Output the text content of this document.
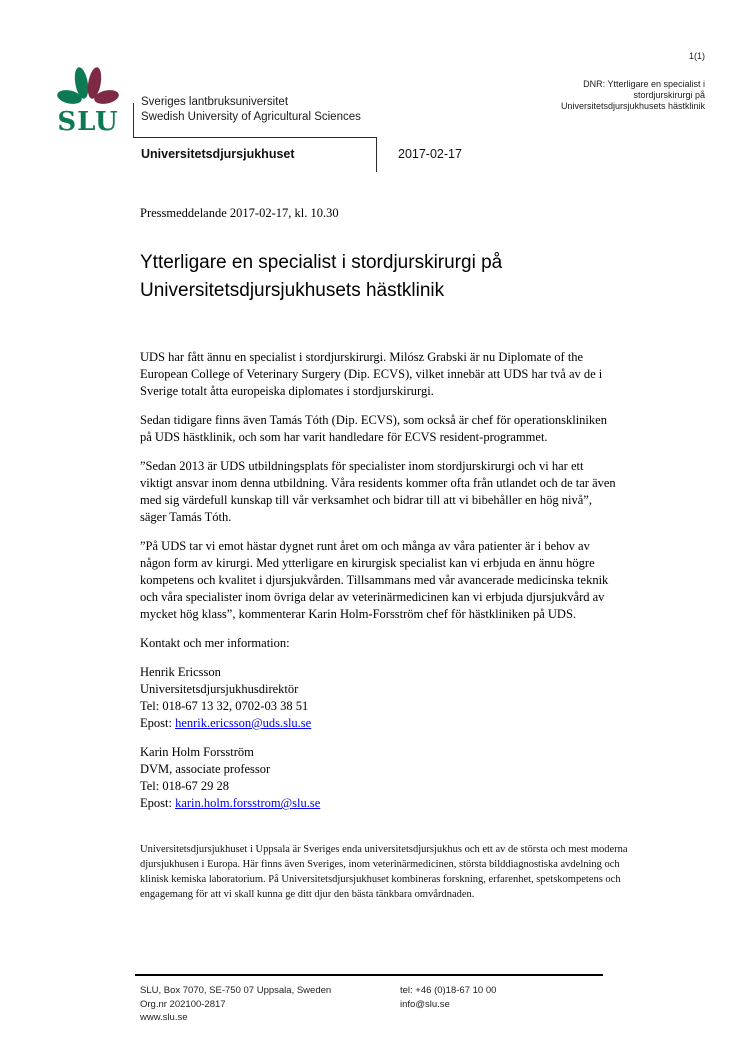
1(1)
DNR: Ytterligare en specialist i
stordjurskirurgi på
Universitetsdjursjukhusets hästklinik
SLU
Sveriges lantbruksuniversitet
Swedish University of Agricultural Sciences
Universitetsdjursjukhuset	2017-02-17

Pressmeddelande 2017-02-17, kl. 10.30

Ytterligare en specialist i stordjurskirurgi på Universitetsdjursjukhusets hästklinik

UDS har fått ännu en specialist i stordjurskirurgi. Milósz Grabski är nu Diplomate of the European College of Veterinary Surgery (Dip. ECVS), vilket innebär att UDS har två av de i Sverige totalt åtta europeiska diplomates i stordjurskirurgi.

Sedan tidigare finns även Tamás Tóth (Dip. ECVS), som också är chef för operationskliniken på UDS hästklinik, och som har varit handledare för ECVS resident-programmet.

”Sedan 2013 är UDS utbildningsplats för specialister inom stordjurskirurgi och vi har ett viktigt ansvar inom denna utbildning. Våra residents kommer ofta från utlandet och de tar även med sig värdefull kunskap till vår verksamhet och bidrar till att vi bibehåller en hög nivå”, säger Tamás Tóth.

”På UDS tar vi emot hästar dygnet runt året om och många av våra patienter är i behov av någon form av kirurgi. Med ytterligare en kirurgisk specialist kan vi erbjuda en ännu högre kompetens och kvalitet i djursjukvården. Tillsammans med vår avancerade medicinska teknik och våra specialister inom övriga delar av veterinärmedicinen kan vi erbjuda djursjukvård av mycket hög klass”, kommenterar Karin Holm-Forsström chef för hästkliniken på UDS.

Kontakt och mer information:

Henrik Ericsson
Universitetsdjursjukhusdirektör
Tel: 018-67 13 32, 0702-03 38 51
Epost: henrik.ericsson@uds.slu.se
Karin Holm Forsström
DVM, associate professor
Tel: 018-67 29 28
Epost: karin.holm.forsstrom@slu.se

Universitetsdjursjukhuset i Uppsala är Sveriges enda universitetsdjursjukhus och ett av de största och mest moderna djursjukhusen i Europa. Här finns även Sveriges, inom veterinärmedicinen, största bilddiagnostiska avdelning och klinisk kemiska laboratorium. På Universitetsdjursjukhuset kombineras forskning, erfarenhet, spetskompetens och engagemang för att vi skall kunna ge ditt djur den bästa tänkbara omvårdnaden.

SLU, Box 7070, SE-750 07 Uppsala, Sweden
Org.nr 202100-2817
www.slu.se
tel: +46 (0)18-67 10 00
info@slu.se
